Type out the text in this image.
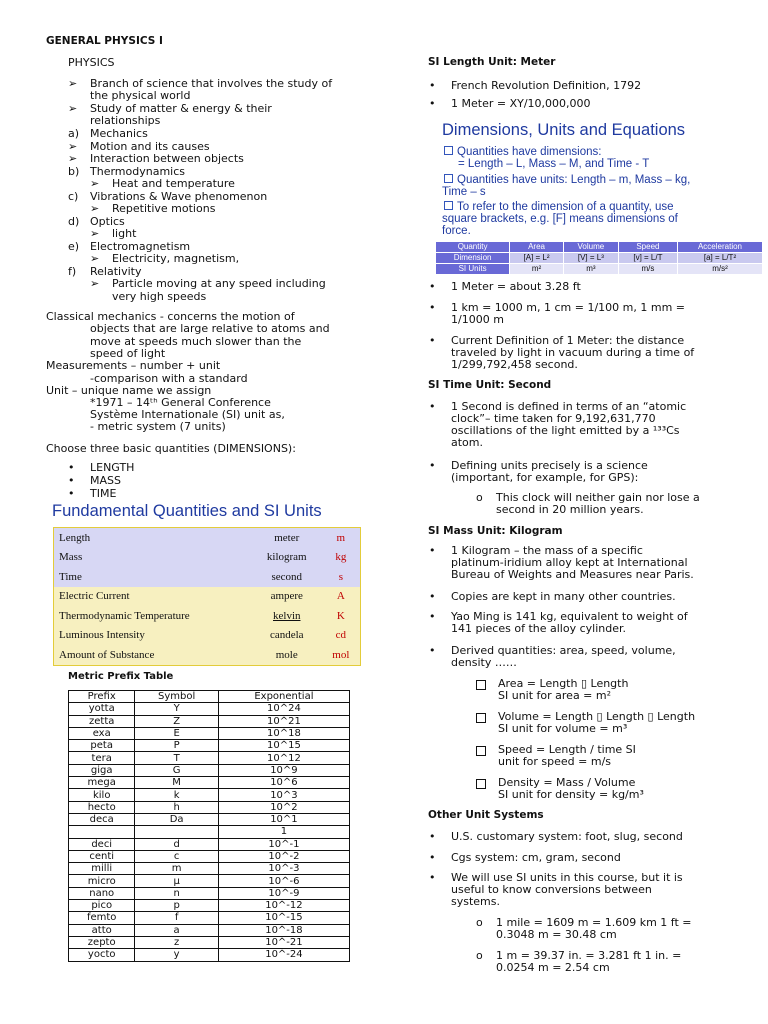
GENERAL PHYSICS I
PHYSICS
➢ Branch of science that involves the study of
the physical world
➢ Study of matter & energy & their
relationships
a) Mechanics
➢ Motion and its causes
➢ Interaction between objects
b) Thermodynamics
➢ Heat and temperature
c) Vibrations & Wave phenomenon
➢ Repetitive motions
d) Optics
➢ light
e) Electromagnetism
➢ Electricity, magnetism,
f) Relativity
➢ Particle moving at any speed including
very high speeds
Classical mechanics - concerns the motion of
objects that are large relative to atoms and
move at speeds much slower than the
speed of light
Measurements – number + unit
-comparison with a standard
Unit – unique name we assign
*1971 – 14ᵗʰ General Conference
Système Internationale (SI) unit as,
- metric system (7 units)
Choose three basic quantities (DIMENSIONS):
• LENGTH
• MASS
• TIME
Fundamental Quantities and SI Units
Length	meter	m
Mass	kilogram	kg
Time	second	s
Electric Current	ampere	A
Thermodynamic Temperature	kelvin	K
Luminous Intensity	candela	cd
Amount of Substance	mole	mol
Metric Prefix Table
Prefix	Symbol	Exponential
yotta	Y	10^24
zetta	Z	10^21
exa	E	10^18
peta	P	10^15
tera	T	10^12
giga	G	10^9
mega	M	10^6
kilo	k	10^3
hecto	h	10^2
deca	Da	10^1
		1
deci	d	10^-1
centi	c	10^-2
milli	m	10^-3
micro	μ	10^-6
nano	n	10^-9
pico	p	10^-12
femto	f	10^-15
atto	a	10^-18
zepto	z	10^-21
yocto	y	10^-24
SI Length Unit: Meter
• French Revolution Definition, 1792
• 1 Meter = XY/10,000,000
Dimensions, Units and Equations
Quantities have dimensions:
= Length – L, Mass – M, and Time - T
Quantities have units: Length – m, Mass – kg,
Time – s
To refer to the dimension of a quantity, use
square brackets, e.g. [F] means dimensions of
force.
Quantity	Area	Volume	Speed	Acceleration
Dimension	[A] = L²	[V] = L³	[v] = L/T	[a] = L/T²
SI Units	m²	m³	m/s	m/s²
• 1 Meter = about 3.28 ft
• 1 km = 1000 m, 1 cm = 1/100 m, 1 mm =
1/1000 m
• Current Definition of 1 Meter: the distance
traveled by light in vacuum during a time of
1/299,792,458 second.
SI Time Unit: Second
• 1 Second is defined in terms of an “atomic
clock”– time taken for 9,192,631,770
oscillations of the light emitted by a ¹³³Cs
atom.
• Defining units precisely is a science
(important, for example, for GPS):
o This clock will neither gain nor lose a
second in 20 million years.
SI Mass Unit: Kilogram
• 1 Kilogram – the mass of a specific
platinum-iridium alloy kept at International
Bureau of Weights and Measures near Paris.
• Copies are kept in many other countries.
• Yao Ming is 141 kg, equivalent to weight of
141 pieces of the alloy cylinder.
• Derived quantities: area, speed, volume,
density ……
Area = Length ▯ Length
SI unit for area = m²
Volume = Length ▯ Length ▯ Length
SI unit for volume = m³
Speed = Length / time SI
unit for speed = m/s
Density = Mass / Volume
SI unit for density = kg/m³
Other Unit Systems
• U.S. customary system: foot, slug, second
• Cgs system: cm, gram, second
• We will use SI units in this course, but it is
useful to know conversions between
systems.
o 1 mile = 1609 m = 1.609 km 1 ft =
0.3048 m = 30.48 cm
o 1 m = 39.37 in. = 3.281 ft 1 in. =
0.0254 m = 2.54 cm
